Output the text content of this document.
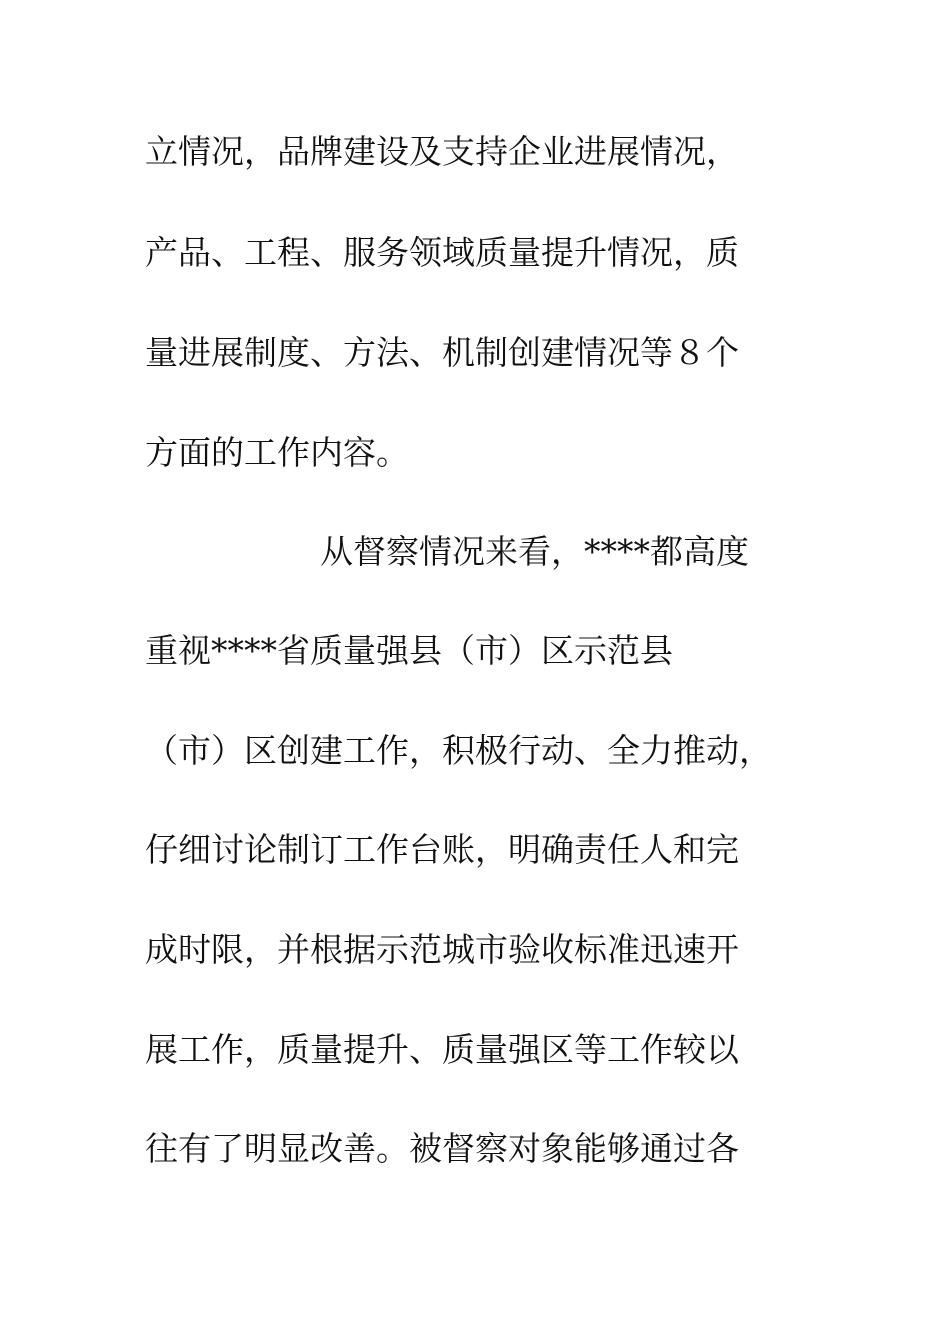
立情况，品牌建设及支持企业进展情况，
产品、工程、服务领域质量提升情况，质
量进展制度、方法、机制创建情况等８个
方面的工作内容。
从督察情况来看，****都高度
重视****省质量强县（市）区示范县
（市）区创建工作，积极行动、全力推动，
仔细讨论制订工作台账，明确责任人和完
成时限，并根据示范城市验收标准迅速开
展工作，质量提升、质量强区等工作较以
往有了明显改善。被督察对象能够通过各
